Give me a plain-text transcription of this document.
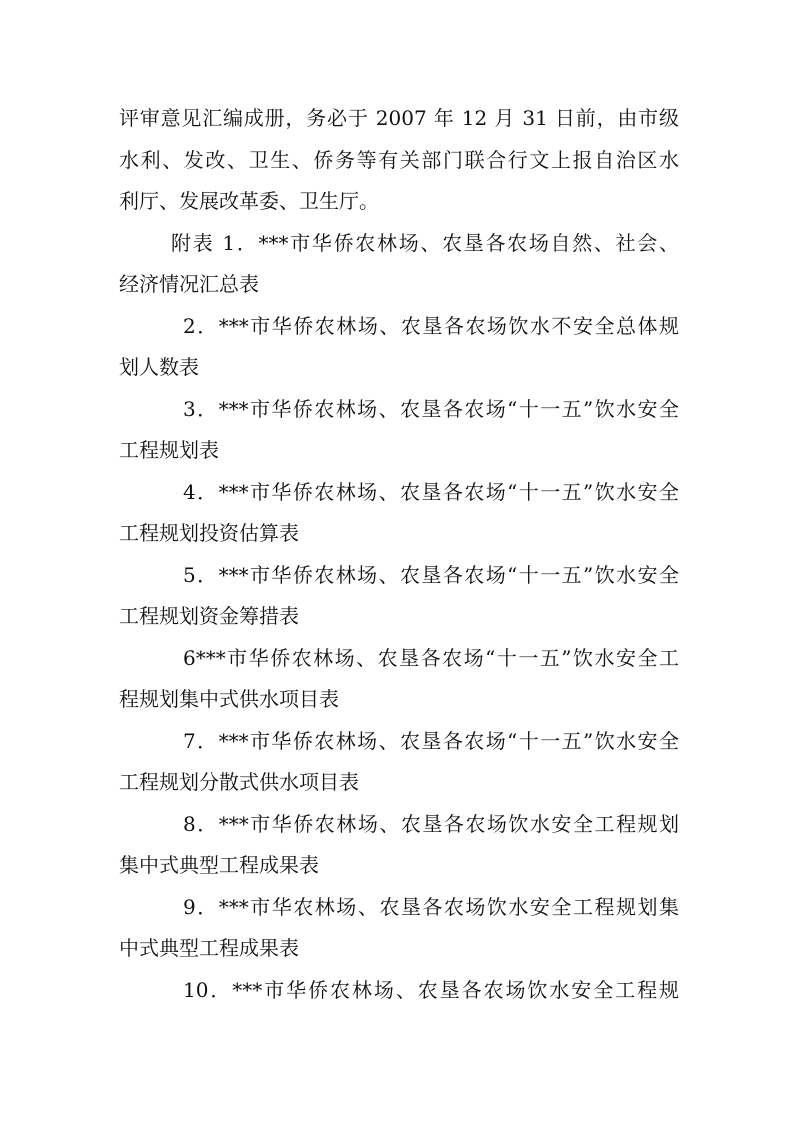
评审意见汇编成册，务必于 2007 年 12 月 31 日前，由市级
水利、发改、卫生、侨务等有关部门联合行文上报自治区水
利厅、发展改革委、卫生厅。
附表 1．***市华侨农林场、农垦各农场自然、社会、
经济情况汇总表
2．***市华侨农林场、农垦各农场饮水不安全总体规
划人数表
3．***市华侨农林场、农垦各农场“十一五”饮水安全
工程规划表
4．***市华侨农林场、农垦各农场“十一五”饮水安全
工程规划投资估算表
5．***市华侨农林场、农垦各农场“十一五”饮水安全
工程规划资金筹措表
6***市华侨农林场、农垦各农场“十一五”饮水安全工
程规划集中式供水项目表
7．***市华侨农林场、农垦各农场“十一五”饮水安全
工程规划分散式供水项目表
8．***市华侨农林场、农垦各农场饮水安全工程规划
集中式典型工程成果表
9．***市华农林场、农垦各农场饮水安全工程规划集
中式典型工程成果表
10．***市华侨农林场、农垦各农场饮水安全工程规
